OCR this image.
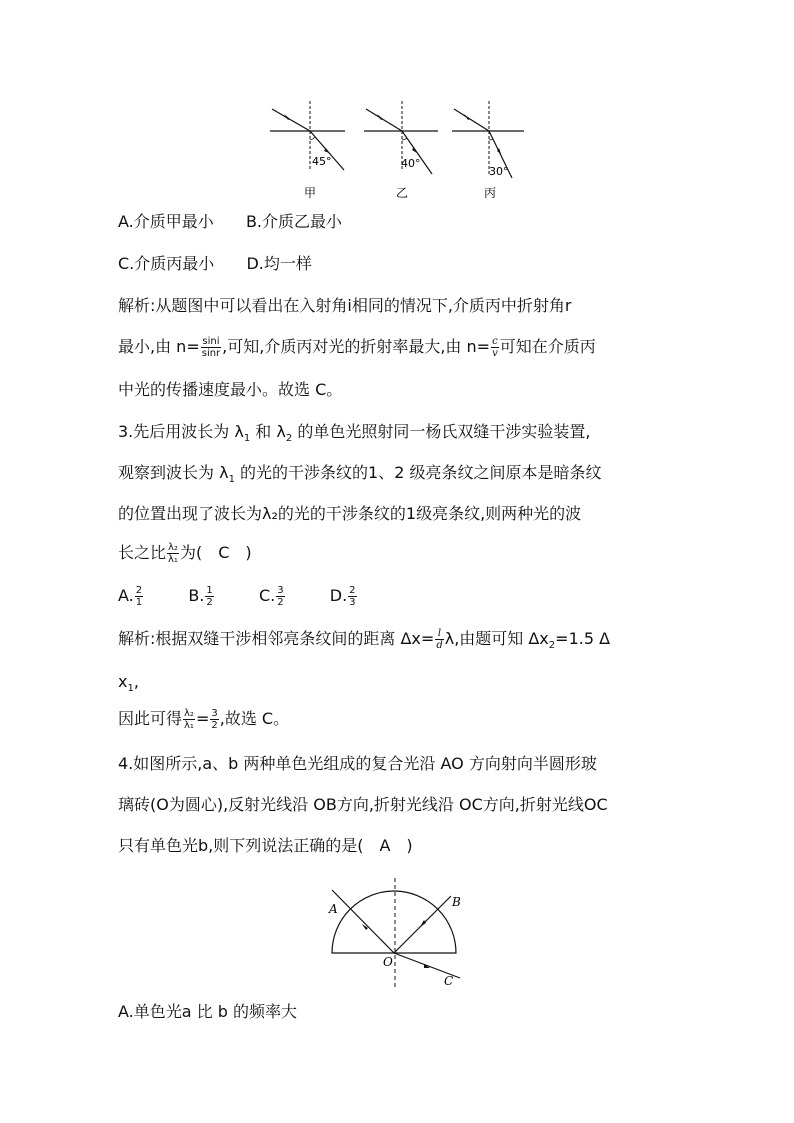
45°
甲
40°
乙
30°
丙
A.介质甲最小 B.介质乙最小
C.介质丙最小 D.均一样
解析:从题图中可以看出在入射角i相同的情况下,介质丙中折射角r
最小,由 $n= \frac{\sin i}{\sin r}$ ,可知,介质丙对光的折射率最大,由 $n= \frac{c}{v}$ 可知在介质丙
中光的传播速度最小。故选 C。
3.先后用波长为 $\lambda_1$ 和 $\lambda_2$ 的单色光照射同一杨氏双缝干涉实验装置,
观察到波长为 $\lambda_1$ 的光的干涉条纹的1、2 级亮条纹之间原本是暗条纹
的位置出现了波长为λ₂的光的干涉条纹的1级亮条纹,则两种光的波
长之比 $\frac{\text{λ₂}}{\text{λ₁}}$ 为(　C　)
A. $\frac{2}{1}$	B. $\frac{1}{2}$	C. $\frac{3}{2}$	D. $\frac{2}{3}$
解析:根据双缝干涉相邻亮条纹间的距离 $\Delta x= \frac{l}{d} \lambda$,由题可知 $\Delta x_2=1.5$ Δ
$x_1$,
因此可得 $\frac{\text{λ₂}}{\text{λ₁}} = \frac{3}{2}$ ,故选 C。
4.如图所示,a、b 两种单色光组成的复合光沿 AO 方向射向半圆形玻
璃砖(O为圆心),反射光线沿 OB方向,折射光线沿 OC方向,折射光线OC
只有单色光b,则下列说法正确的是(　A　)
A	B
O
C
A.单色光a 比 b 的频率大
